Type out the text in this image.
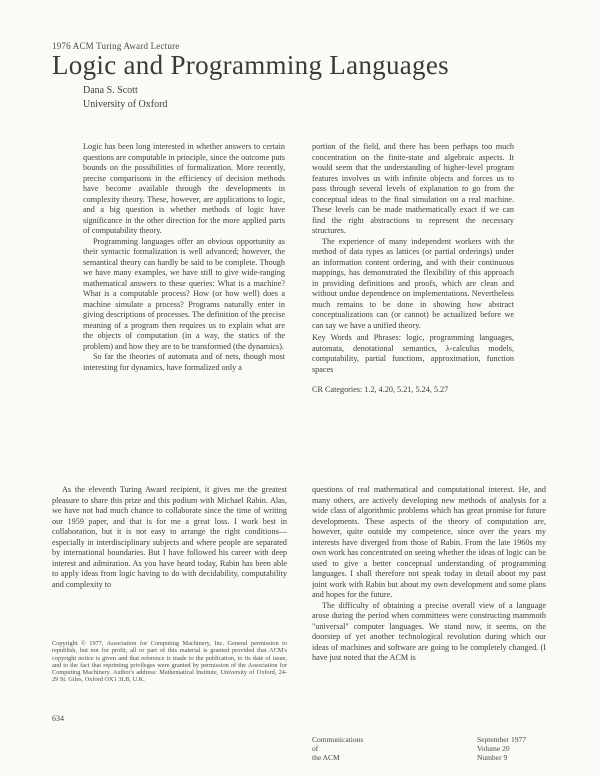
1976 ACM Turing Award Lecture
Logic and Programming Languages
Dana S. Scott
University of Oxford

Logic has been long interested in whether answers to certain questions are computable in principle, since the outcome puts bounds on the possibilities of formalization. More recently, precise comparisons in the efficiency of decision methods have become available through the developments in complexity theory. These, however, are applications to logic, and a big question is whether methods of logic have significance in the other direction for the more applied parts of computability theory.

Programming languages offer an obvious opportunity as their syntactic formalization is well advanced; however, the semantical theory can hardly be said to be complete. Though we have many examples, we have still to give wide-ranging mathematical answers to these queries: What is a machine? What is a computable process? How (or how well) does a machine simulate a process? Programs naturally enter in giving descriptions of processes. The definition of the precise meaning of a program then requires us to explain what are the objects of computation (in a way, the statics of the problem) and how they are to be transformed (the dynamics).

So far the theories of automata and of nets, though most interesting for dynamics, have formalized only a

portion of the field, and there has been perhaps too much concentration on the finite-state and algebraic aspects. It would seem that the understanding of higher-level program features involves us with infinite objects and forces us to pass through several levels of explanation to go from the conceptual ideas to the final simulation on a real machine. These levels can be made mathematically exact if we can find the right abstractions to represent the necessary structures.

The experience of many independent workers with the method of data types as lattices (or partial orderings) under an information content ordering, and with their continuous mappings, has demonstrated the flexibility of this approach in providing definitions and proofs, which are clean and without undue dependence on implementations. Nevertheless much remains to be done in showing how abstract conceptualizations can (or cannot) be actualized before we can say we have a unified theory.

Key Words and Phrases: logic, programming languages, automata, denotational semantics, λ-calculus models, computability, partial functions, approximation, function spaces

CR Categories: 1.2, 4.20, 5.21, 5.24, 5.27

As the eleventh Turing Award recipient, it gives me the greatest pleasure to share this prize and this podium with Michael Rabin. Alas, we have not had much chance to collaborate since the time of writing our 1959 paper, and that is for me a great loss. I work best in collaboration, but it is not easy to arrange the right conditions—especially in interdisciplinary subjects and where people are separated by international boundaries. But I have followed his career with deep interest and admiration. As you have heard today, Rabin has been able to apply ideas from logic having to do with decidability, computability and complexity to

questions of real mathematical and computational interest. He, and many others, are actively developing new methods of analysis for a wide class of algorithmic problems which has great promise for future developments. These aspects of the theory of computation are, however, quite outside my competence, since over the years my interests have diverged from those of Rabin. From the late 1960s my own work has concentrated on seeing whether the ideas of logic can be used to give a better conceptual understanding of programming languages. I shall therefore not speak today in detail about my past joint work with Rabin but about my own development and some plans and hopes for the future.

The difficulty of obtaining a precise overall view of a language arose during the period when committees were constructing mammoth "universal" computer languages. We stand now, it seems, on the doorstep of yet another technological revolution during which our ideas of machines and software are going to be completely changed. (I have just noted that the ACM is

Copyright © 1977, Association for Computing Machinery, Inc. General permission to republish, but not for profit, all or part of this material is granted provided that ACM's copyright notice is given and that reference is made to the publication, to its date of issue, and to the fact that reprinting privileges were granted by permission of the Association for Computing Machinery. Author's address: Mathematical Institute, University of Oxford, 24-29 St. Giles, Oxford OX1 3LB, U.K.

634
Communications
of
the ACM
September 1977
Volume 20
Number 9
